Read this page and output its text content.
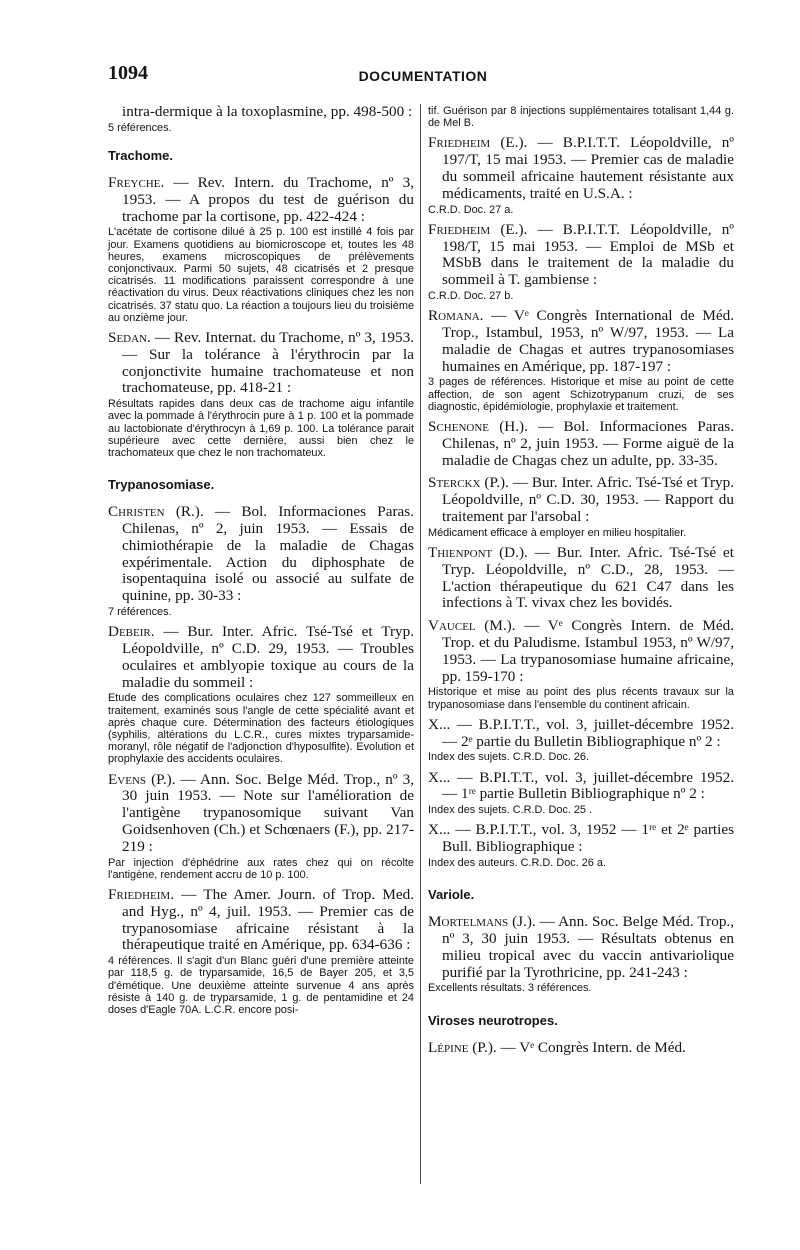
1094	DOCUMENTATION
intra-dermique à la toxoplasmine, pp. 498-500 :
5 références.
Trachome.
Freyche. — Rev. Intern. du Trachome, nº 3, 1953. — A propos du test de guérison du trachome par la cortisone, pp. 422-424 :
L'acétate de cortisone dilué à 25 p. 100 est instillé 4 fois par jour. Examens quotidiens au biomicroscope et, toutes les 48 heures, examens microscopiques de prélèvements conjonctivaux. Parmi 50 sujets, 48 cicatrisés et 2 presque cicatrisés. 11 modifications paraissent correspondre à une réactivation du virus. Deux réactivations cliniques chez les non cicatrisés. 37 statu quo. La réaction a toujours lieu du troisième au onzième jour.
Sedan. — Rev. Internat. du Trachome, nº 3, 1953. — Sur la tolérance à l'érythrocin par la conjonctivite humaine trachomateuse et non trachomateuse, pp. 418-21 :
Résultats rapides dans deux cas de trachome aigu infantile avec la pommade à l'érythrocin pure à 1 p. 100 et la pommade au lactobionate d'érythrocyn à 1,69 p. 100. La tolérance parait supérieure avec cette dernière, aussi bien chez le trachomateux que chez le non trachomateux.
Trypanosomiase.
Christen (R.). — Bol. Informaciones Paras. Chilenas, nº 2, juin 1953. — Essais de chimiothérapie de la maladie de Chagas expérimentale. Action du diphosphate de isopentaquina isolé ou associé au sulfate de quinine, pp. 30-33 :
7 références.
Debeir. — Bur. Inter. Afric. Tsé-Tsé et Tryp. Léopoldville, nº C.D. 29, 1953. — Troubles oculaires et amblyopie toxique au cours de la maladie du sommeil :
Etude des complications oculaires chez 127 sommeilleux en traitement, examinés sous l'angle de cette spécialité avant et après chaque cure. Détermination des facteurs étiologiques (syphilis, altérations du L.C.R., cures mixtes tryparsamide-moranyl, rôle négatif de l'adjonction d'hyposulfite). Evolution et prophylaxie des accidents oculaires.
Evens (P.). — Ann. Soc. Belge Méd. Trop., nº 3, 30 juin 1953. — Note sur l'amélioration de l'antigène trypanosomique suivant Van Goidsenhoven (Ch.) et Schœnaers (F.), pp. 217-219 :
Par injection d'éphédrine aux rates chez qui on récolte l'antigène, rendement accru de 10 p. 100.
Friedheim. — The Amer. Journ. of Trop. Med. and Hyg., nº 4, juil. 1953. — Premier cas de trypanosomiase africaine résistant à la thérapeutique traité en Amérique, pp. 634-636 :
4 références. Il s'agit d'un Blanc guéri d'une première atteinte par 118,5 g. de tryparsamide, 16,5 de Bayer 205, et 3,5 d'émétique. Une deuxième atteinte survenue 4 ans après résiste à 140 g. de tryparsamide, 1 g. de pentamidine et 24 doses d'Eagle 70A. L.C.R. encore posi-
tif. Guérison par 8 injections supplémentaires totalisant 1,44 g. de Mel B.
Friedheim (E.). — B.P.I.T.T. Léopoldville, nº 197/T, 15 mai 1953. — Premier cas de maladie du sommeil africaine hautement résistante aux médicaments, traité en U.S.A. :
C.R.D. Doc. 27 a.
Friedheim (E.). — B.P.I.T.T. Léopoldville, nº 198/T, 15 mai 1953. — Emploi de MSb et MSbB dans le traitement de la maladie du sommeil à T. gambiense :
C.R.D. Doc. 27 b.
Romana. — Vᵉ Congrès International de Méd. Trop., Istambul, 1953, nº W/97, 1953. — La maladie de Chagas et autres trypanosomiases humaines en Amérique, pp. 187-197 :
3 pages de références. Historique et mise au point de cette affection, de son agent Schizotrypanum cruzi, de ses diagnostic, épidémiologie, prophylaxie et traitement.
Schenone (H.). — Bol. Informaciones Paras. Chilenas, nº 2, juin 1953. — Forme aiguë de la maladie de Chagas chez un adulte, pp. 33-35.
Sterckx (P.). — Bur. Inter. Afric. Tsé-Tsé et Tryp. Léopoldville, nº C.D. 30, 1953. — Rapport du traitement par l'arsobal :
Médicament efficace à employer en milieu hospitalier.
Thienpont (D.). — Bur. Inter. Afric. Tsé-Tsé et Tryp. Léopoldville, nº C.D., 28, 1953. — L'action thérapeutique du 621 C47 dans les infections à T. vivax chez les bovidés.
Vaucel (M.). — Vᵉ Congrès Intern. de Méd. Trop. et du Paludisme. Istambul 1953, nº W/97, 1953. — La trypanosomiase humaine africaine, pp. 159-170 :
Historique et mise au point des plus récents travaux sur la trypanosomiase dans l'ensemble du continent africain.
X... — B.P.I.T.T., vol. 3, juillet-décembre 1952. — 2ᵉ partie du Bulletin Bibliographique nº 2 :
Index des sujets. C.R.D. Doc. 26.
X... — B.PI.T.T., vol. 3, juillet-décembre 1952. — 1ʳᵉ partie Bulletin Bibliographique nº 2 :
Index des sujets. C.R.D. Doc. 25 .
X... — B.P.I.T.T., vol. 3, 1952 — 1ʳᵉ et 2ᵉ parties Bull. Bibliographique :
Index des auteurs. C.R.D. Doc. 26 a.
Variole.
Mortelmans (J.). — Ann. Soc. Belge Méd. Trop., nº 3, 30 juin 1953. — Résultats obtenus en milieu tropical avec du vaccin antivariolique purifié par la Tyrothricine, pp. 241-243 :
Excellents résultats. 3 références.
Viroses neurotropes.
Lépine (P.). — Vᵉ Congrès Intern. de Méd.
